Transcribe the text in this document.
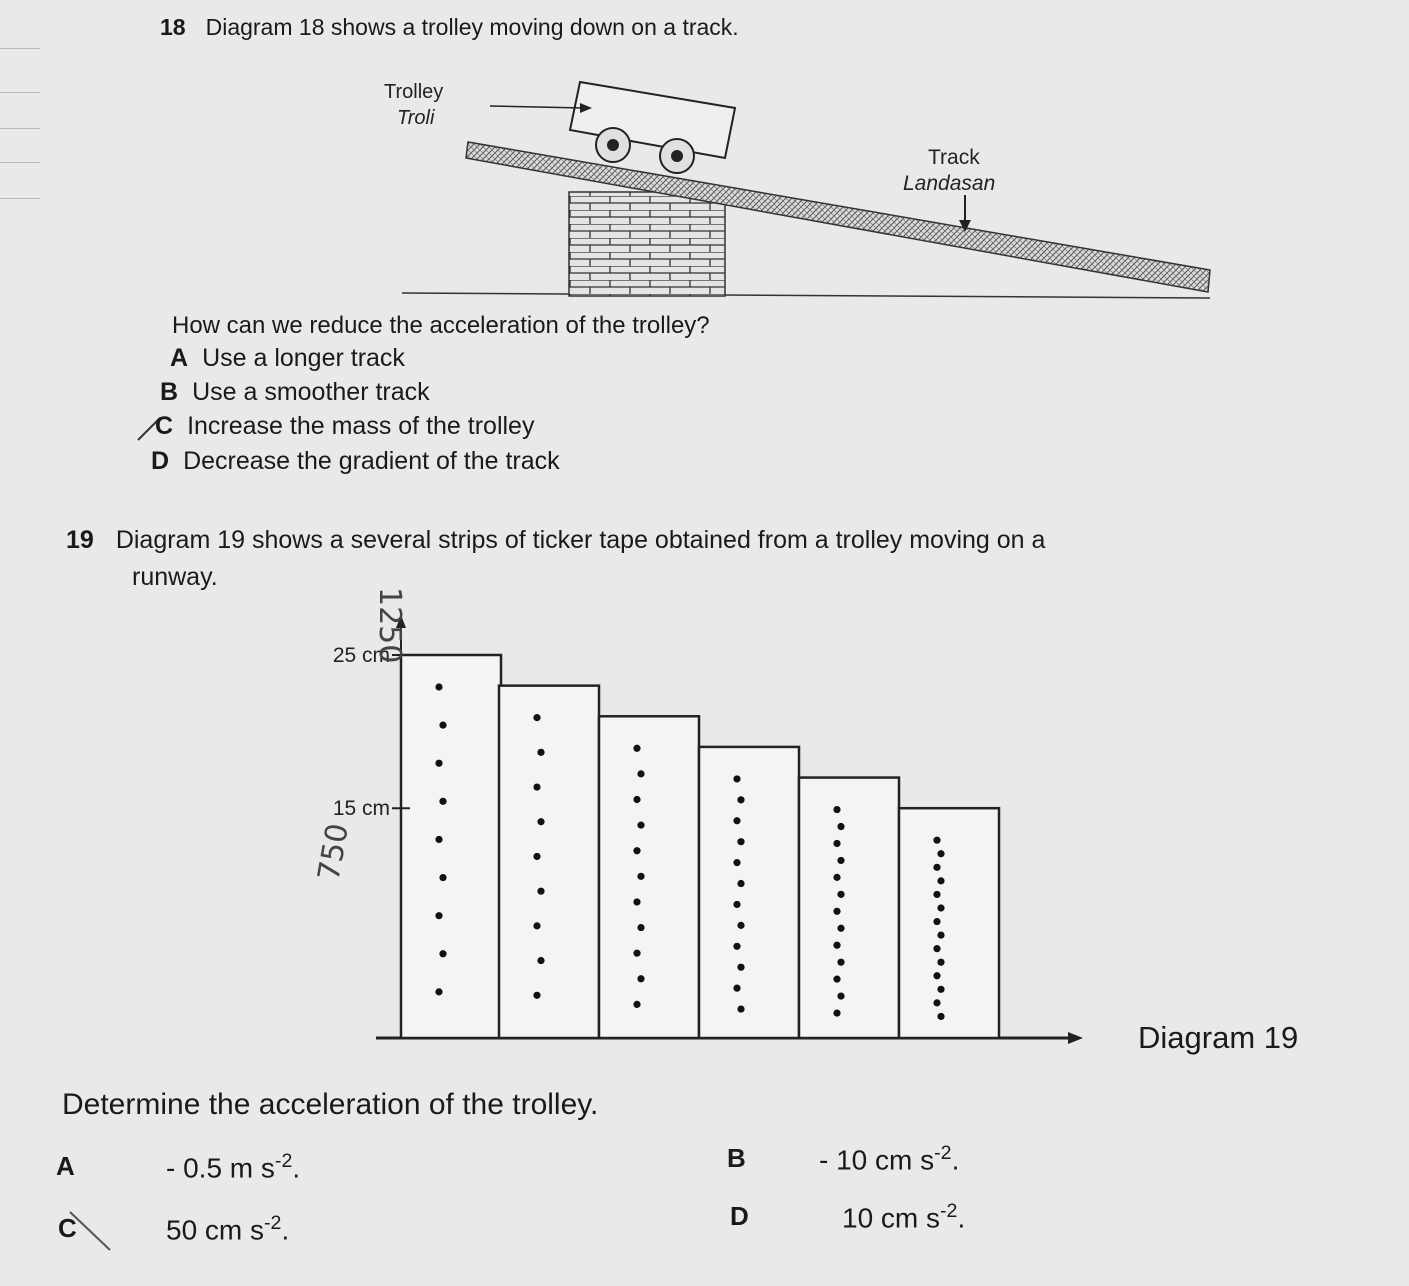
18 Diagram 18 shows a trolley moving down on a track.
Trolley
Troli
Track
Landasan
25 cm
15 cm
1250
750
How can we reduce the acceleration of the trolley?
A Use a longer track
B Use a smoother track
C Increase the mass of the trolley
D Decrease the gradient of the track
19 Diagram 19 shows a several strips of ticker tape obtained from a trolley moving on a
runway.
Diagram 19
Determine the acceleration of the trolley.
A	- 0.5 m $s^{-2}$.	B	- 10 cm $s^{-2}$.
C	50 cm $s^{-2}$.	D	10 cm $s^{-2}$.
